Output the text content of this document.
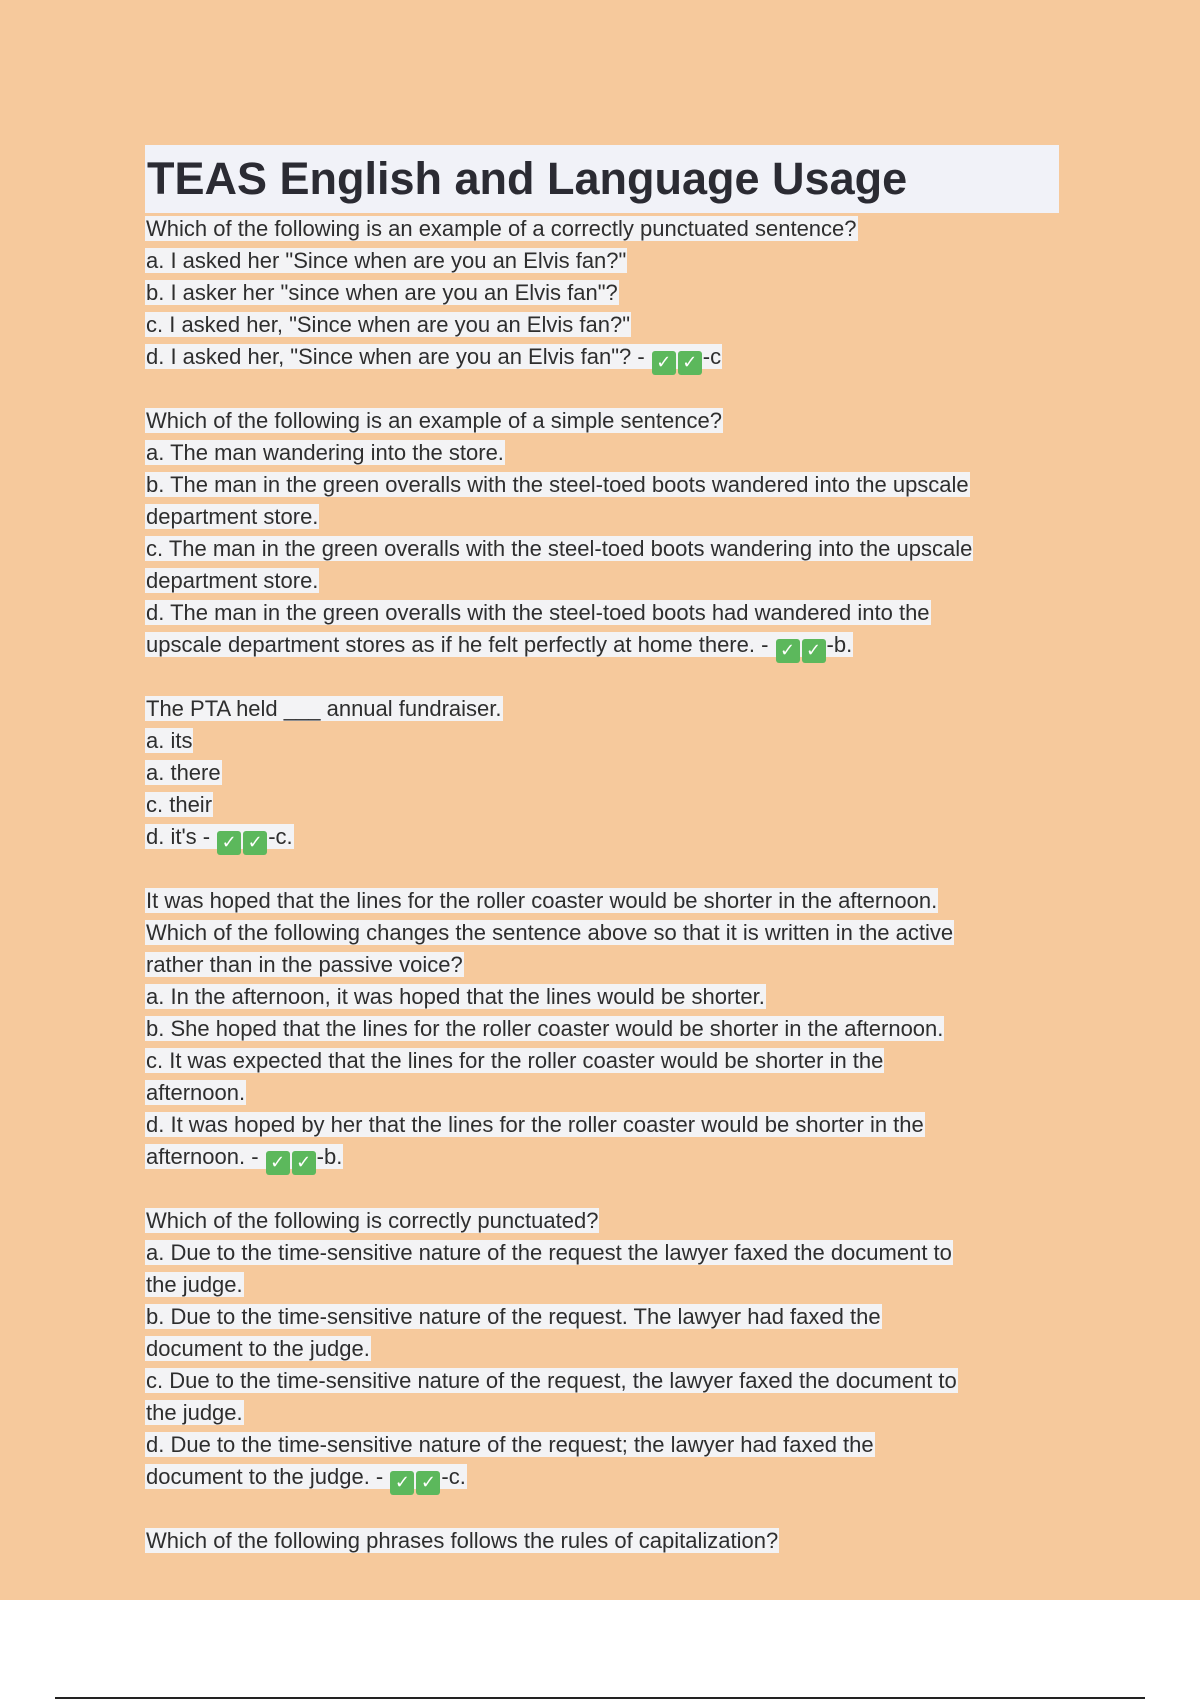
TEAS English and Language Usage
Which of the following is an example of a correctly punctuated sentence?
a. I asked her "Since when are you an Elvis fan?"
b. I asker her "since when are you an Elvis fan"?
c. I asked her, "Since when are you an Elvis fan?"
d. I asked her, "Since when are you an Elvis fan"? - ✓ ✓ -c
Which of the following is an example of a simple sentence?
a. The man wandering into the store.
b. The man in the green overalls with the steel-toed boots wandered into the upscale
department store.
c. The man in the green overalls with the steel-toed boots wandering into the upscale
department store.
d. The man in the green overalls with the steel-toed boots had wandered into the
upscale department stores as if he felt perfectly at home there. - ✓ ✓ -b.
The PTA held ___ annual fundraiser.
a. its
a. there
c. their
d. it's - ✓ ✓ -c.
It was hoped that the lines for the roller coaster would be shorter in the afternoon.
Which of the following changes the sentence above so that it is written in the active
rather than in the passive voice?
a. In the afternoon, it was hoped that the lines would be shorter.
b. She hoped that the lines for the roller coaster would be shorter in the afternoon.
c. It was expected that the lines for the roller coaster would be shorter in the
afternoon.
d. It was hoped by her that the lines for the roller coaster would be shorter in the
afternoon. - ✓ ✓ -b.
Which of the following is correctly punctuated?
a. Due to the time-sensitive nature of the request the lawyer faxed the document to
the judge.
b. Due to the time-sensitive nature of the request. The lawyer had faxed the
document to the judge.
c. Due to the time-sensitive nature of the request, the lawyer faxed the document to
the judge.
d. Due to the time-sensitive nature of the request; the lawyer had faxed the
document to the judge. - ✓ ✓ -c.
Which of the following phrases follows the rules of capitalization?
